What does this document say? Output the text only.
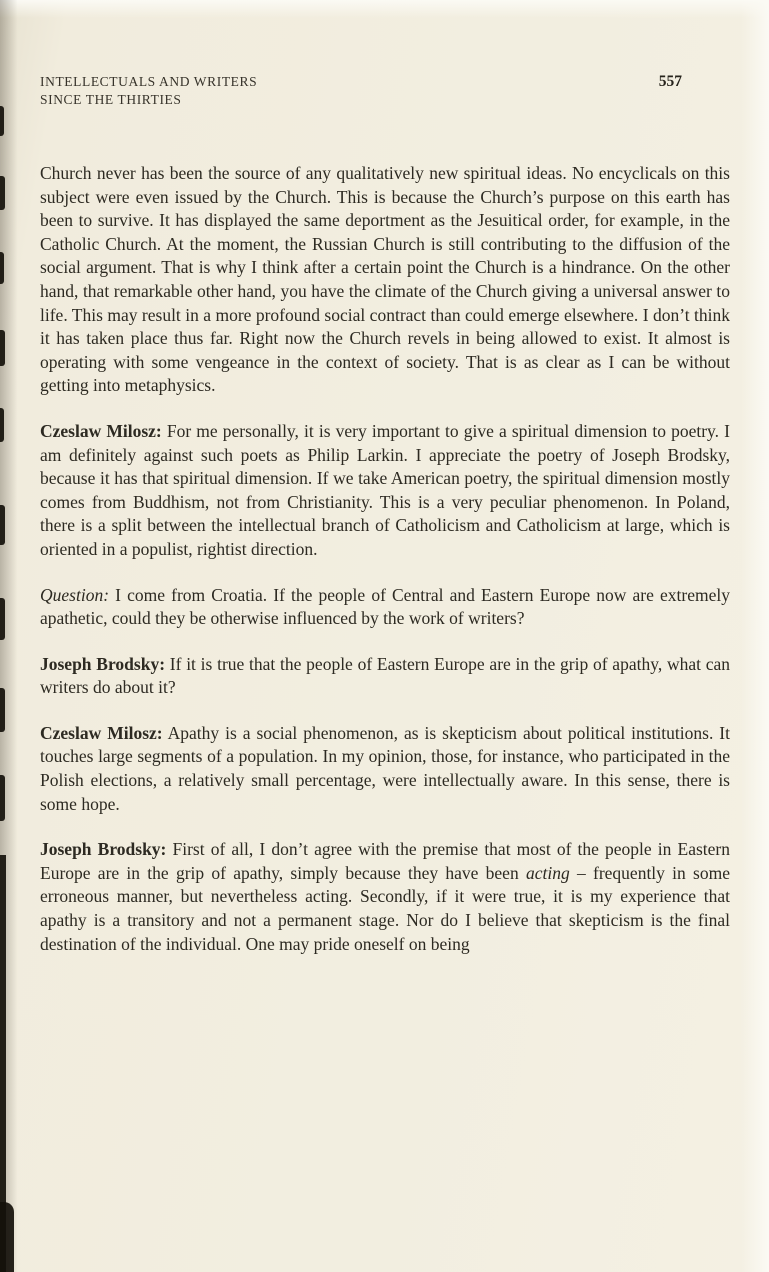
INTELLECTUALS AND WRITERS
SINCE THE THIRTIES
557

Church never has been the source of any qualitatively new spiritual ideas. No encyclicals on this subject were even issued by the Church. This is because the Church’s purpose on this earth has been to survive. It has displayed the same deportment as the Jesuitical order, for example, in the Catholic Church. At the moment, the Russian Church is still contributing to the diffusion of the social argument. That is why I think after a certain point the Church is a hindrance. On the other hand, that remarkable other hand, you have the climate of the Church giving a universal answer to life. This may result in a more profound social contract than could emerge elsewhere. I don’t think it has taken place thus far. Right now the Church revels in being allowed to exist. It almost is operating with some vengeance in the context of society. That is as clear as I can be without getting into metaphysics.

Czeslaw Milosz: For me personally, it is very important to give a spiritual dimension to poetry. I am definitely against such poets as Philip Larkin. I appreciate the poetry of Joseph Brodsky, because it has that spiritual dimension. If we take American poetry, the spiritual dimension mostly comes from Buddhism, not from Christianity. This is a very peculiar phenomenon. In Poland, there is a split between the intellectual branch of Catholicism and Catholicism at large, which is oriented in a populist, rightist direction.

Question: I come from Croatia. If the people of Central and Eastern Europe now are extremely apathetic, could they be otherwise influenced by the work of writers?

Joseph Brodsky: If it is true that the people of Eastern Europe are in the grip of apathy, what can writers do about it?

Czeslaw Milosz: Apathy is a social phenomenon, as is skepticism about political institutions. It touches large segments of a population. In my opinion, those, for instance, who participated in the Polish elections, a relatively small percentage, were intellectually aware. In this sense, there is some hope.

Joseph Brodsky: First of all, I don’t agree with the premise that most of the people in Eastern Europe are in the grip of apathy, simply because they have been acting – frequently in some erroneous manner, but nevertheless acting. Secondly, if it were true, it is my experience that apathy is a transitory and not a permanent stage. Nor do I believe that skepticism is the final destination of the individual. One may pride oneself on being
